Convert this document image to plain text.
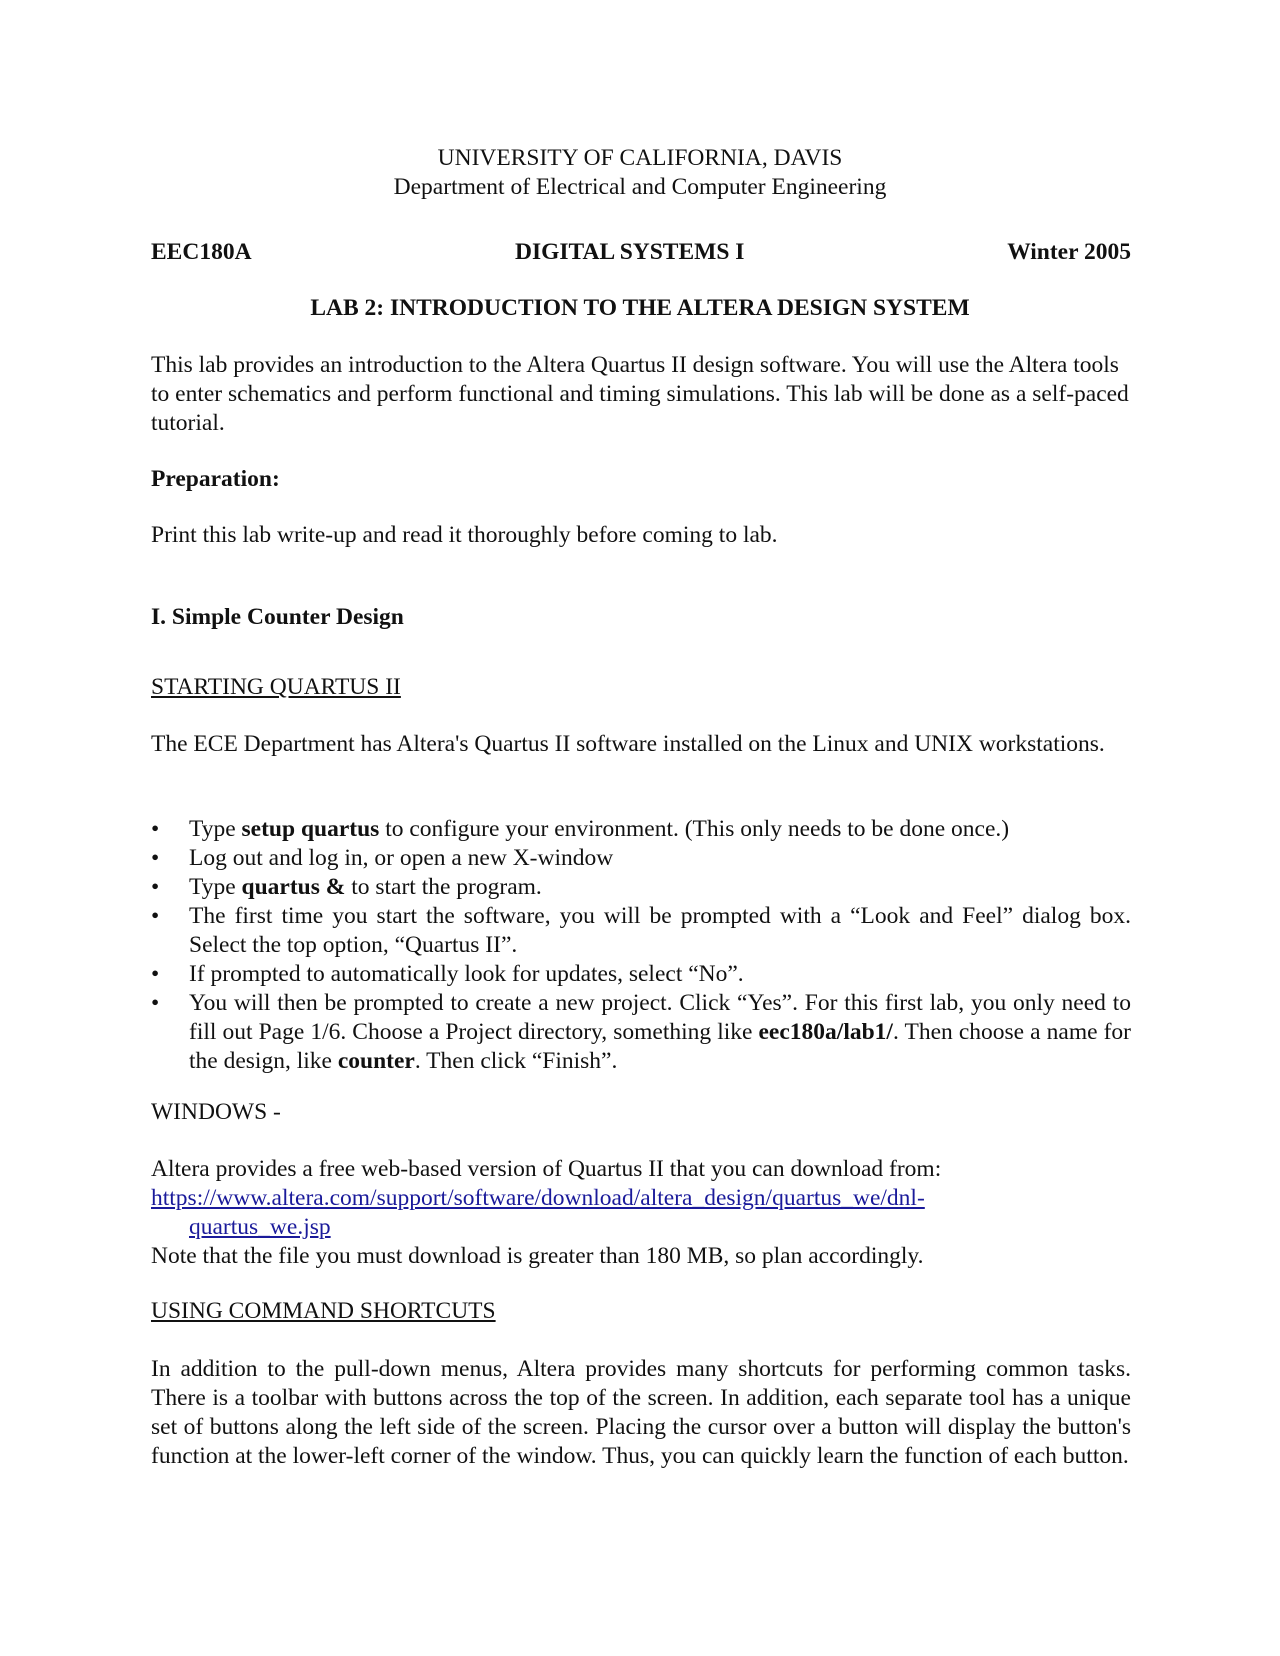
UNIVERSITY OF CALIFORNIA, DAVIS

Department of Electrical and Computer Engineering

EEC180A	DIGITAL SYSTEMS I	Winter 2005

LAB 2: INTRODUCTION TO THE ALTERA DESIGN SYSTEM

This lab provides an introduction to the Altera Quartus II design software. You will use the Altera tools to enter schematics and perform functional and timing simulations. This lab will be done as a self-paced tutorial.

Preparation:

Print this lab write-up and read it thoroughly before coming to lab.

I. Simple Counter Design

STARTING QUARTUS II

The ECE Department has Altera's Quartus II software installed on the Linux and UNIX workstations.

• Type setup quartus to configure your environment. (This only needs to be done once.)
• Log out and log in, or open a new X-window
• Type quartus & to start the program.
• The first time you start the software, you will be prompted with a “Look and Feel” dialog box. Select the top option, “Quartus II”.
• If prompted to automatically look for updates, select “No”.
• You will then be prompted to create a new project. Click “Yes”. For this first lab, you only need to fill out Page 1/6. Choose a Project directory, something like eec180a/lab1/. Then choose a name for the design, like counter. Then click “Finish”.

WINDOWS -

Altera provides a free web-based version of Quartus II that you can download from:
https://www.altera.com/support/software/download/altera_design/quartus_we/dnl-
quartus_we.jsp
Note that the file you must download is greater than 180 MB, so plan accordingly.

USING COMMAND SHORTCUTS

In addition to the pull-down menus, Altera provides many shortcuts for performing common tasks. There is a toolbar with buttons across the top of the screen. In addition, each separate tool has a unique set of buttons along the left side of the screen. Placing the cursor over a button will display the button's function at the lower-left corner of the window. Thus, you can quickly learn the function of each button.
